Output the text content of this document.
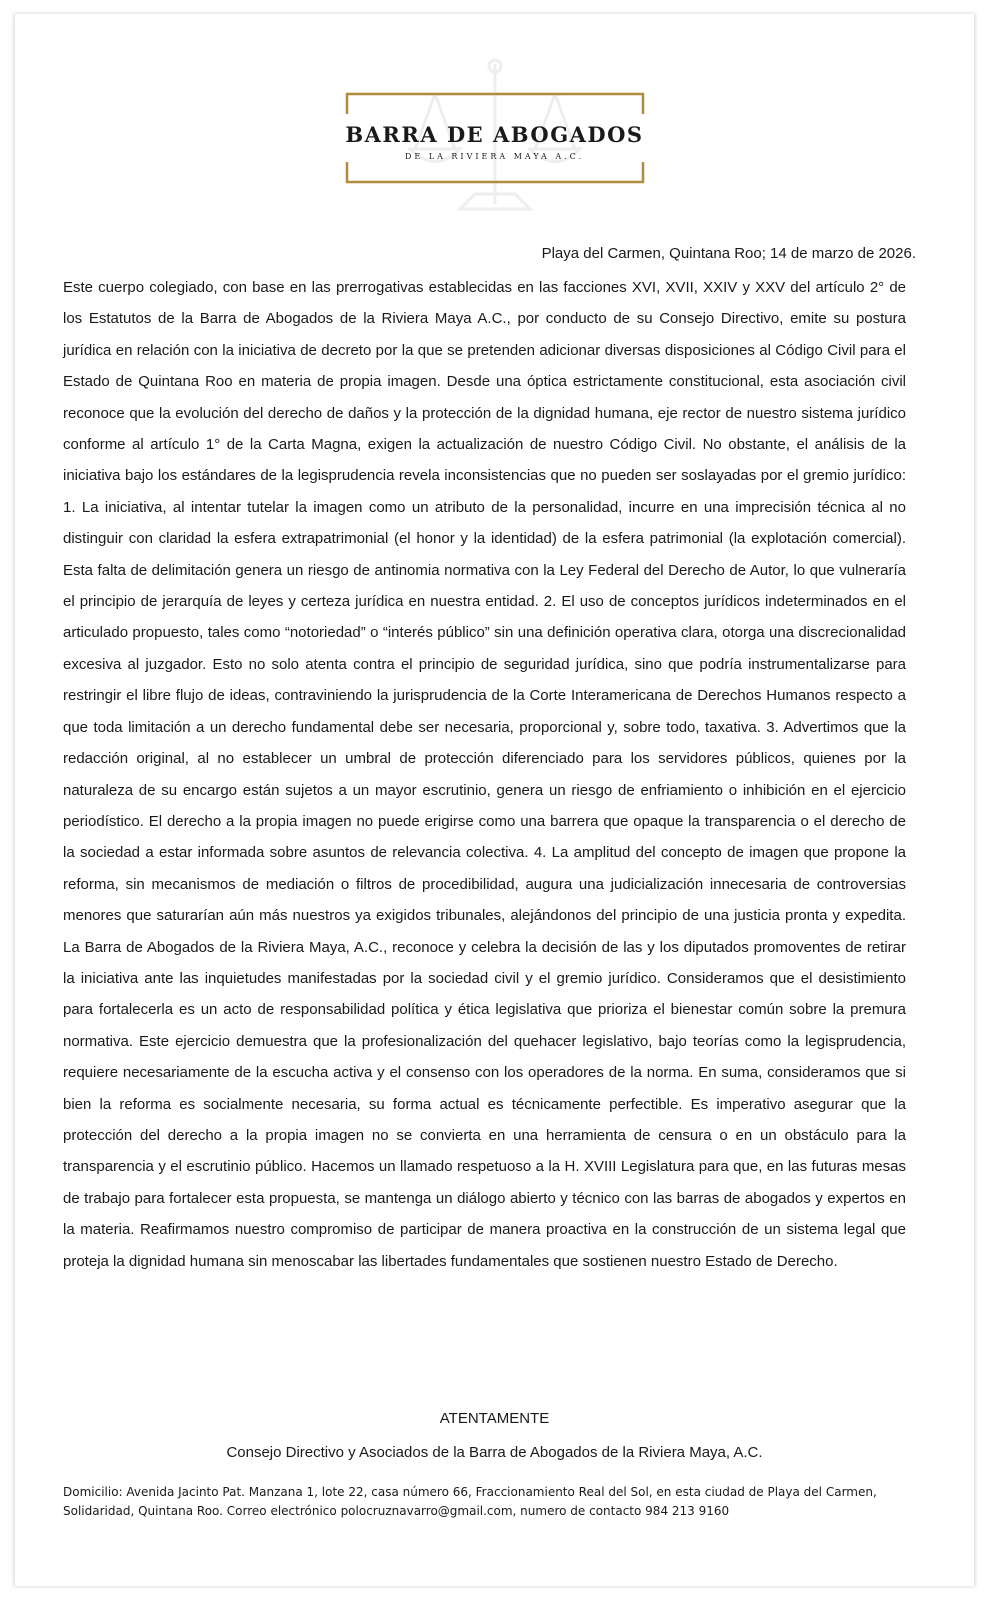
BARRA DE ABOGADOS
DE LA RIVIERA MAYA A.C.
Playa del Carmen, Quintana Roo; 14 de marzo de 2026.

Este cuerpo colegiado, con base en las prerrogativas establecidas en las facciones XVI, XVII, XXIV y XXV del artículo 2° de los Estatutos de la Barra de Abogados de la Riviera Maya A.C., por conducto de su Consejo Directivo, emite su postura jurídica en relación con la iniciativa de decreto por la que se pretenden adicionar diversas disposiciones al Código Civil para el Estado de Quintana Roo en materia de propia imagen. Desde una óptica estrictamente constitucional, esta asociación civil reconoce que la evolución del derecho de daños y la protección de la dignidad humana, eje rector de nuestro sistema jurídico conforme al artículo 1° de la Carta Magna, exigen la actualización de nuestro Código Civil. No obstante, el análisis de la iniciativa bajo los estándares de la legisprudencia revela inconsistencias que no pueden ser soslayadas por el gremio jurídico: 1. La iniciativa, al intentar tutelar la imagen como un atributo de la personalidad, incurre en una imprecisión técnica al no distinguir con claridad la esfera extrapatrimonial (el honor y la identidad) de la esfera patrimonial (la explotación comercial). Esta falta de delimitación genera un riesgo de antinomia normativa con la Ley Federal del Derecho de Autor, lo que vulneraría el principio de jerarquía de leyes y certeza jurídica en nuestra entidad. 2. El uso de conceptos jurídicos indeterminados en el articulado propuesto, tales como “notoriedad” o “interés público” sin una definición operativa clara, otorga una discrecionalidad excesiva al juzgador. Esto no solo atenta contra el principio de seguridad jurídica, sino que podría instrumentalizarse para restringir el libre flujo de ideas, contraviniendo la jurisprudencia de la Corte Interamericana de Derechos Humanos respecto a que toda limitación a un derecho fundamental debe ser necesaria, proporcional y, sobre todo, taxativa. 3. Advertimos que la redacción original, al no establecer un umbral de protección diferenciado para los servidores públicos, quienes por la naturaleza de su encargo están sujetos a un mayor escrutinio, genera un riesgo de enfriamiento o inhibición en el ejercicio periodístico. El derecho a la propia imagen no puede erigirse como una barrera que opaque la transparencia o el derecho de la sociedad a estar informada sobre asuntos de relevancia colectiva. 4. La amplitud del concepto de imagen que propone la reforma, sin mecanismos de mediación o filtros de procedibilidad, augura una judicialización innecesaria de controversias menores que saturarían aún más nuestros ya exigidos tribunales, alejándonos del principio de una justicia pronta y expedita. La Barra de Abogados de la Riviera Maya, A.C., reconoce y celebra la decisión de las y los diputados promoventes de retirar la iniciativa ante las inquietudes manifestadas por la sociedad civil y el gremio jurídico. Consideramos que el desistimiento para fortalecerla es un acto de responsabilidad política y ética legislativa que prioriza el bienestar común sobre la premura normativa. Este ejercicio demuestra que la profesionalización del quehacer legislativo, bajo teorías como la legisprudencia, requiere necesariamente de la escucha activa y el consenso con los operadores de la norma. En suma, consideramos que si bien la reforma es socialmente necesaria, su forma actual es técnicamente perfectible. Es imperativo asegurar que la protección del derecho a la propia imagen no se convierta en una herramienta de censura o en un obstáculo para la transparencia y el escrutinio público. Hacemos un llamado respetuoso a la H. XVIII Legislatura para que, en las futuras mesas de trabajo para fortalecer esta propuesta, se mantenga un diálogo abierto y técnico con las barras de abogados y expertos en la materia. Reafirmamos nuestro compromiso de participar de manera proactiva en la construcción de un sistema legal que proteja la dignidad humana sin menoscabar las libertades fundamentales que sostienen nuestro Estado de Derecho.

ATENTAMENTE
Consejo Directivo y Asociados de la Barra de Abogados de la Riviera Maya, A.C.

Domicilio: Avenida Jacinto Pat. Manzana 1, lote 22, casa número 66, Fraccionamiento Real del Sol, en esta ciudad de Playa del Carmen, Solidaridad, Quintana Roo. Correo electrónico polocruznavarro@gmail.com, numero de contacto 984 213 9160
